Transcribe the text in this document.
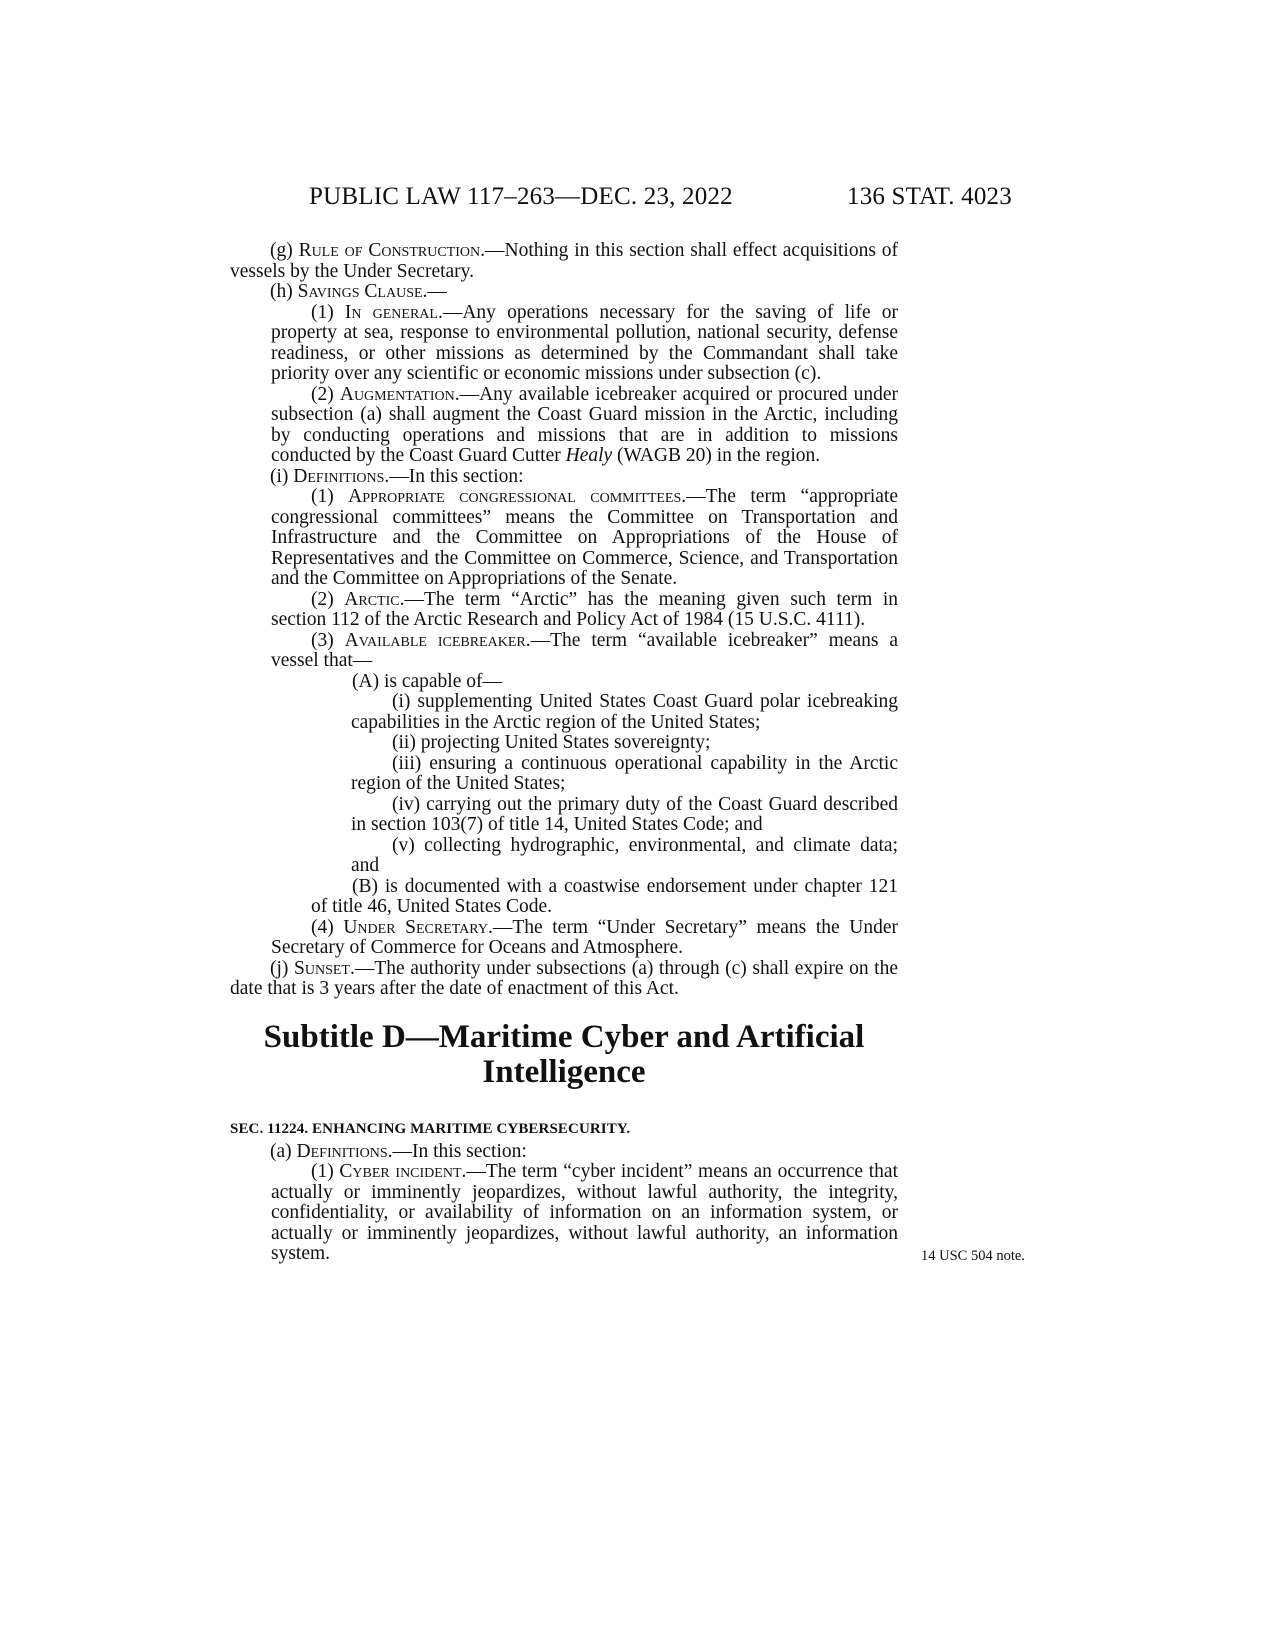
PUBLIC LAW 117–263—DEC. 23, 2022	136 STAT. 4023

(g) Rule of Construction.—Nothing in this section shall effect acquisitions of vessels by the Under Secretary.

(h) Savings Clause.—

(1) In general.—Any operations necessary for the saving of life or property at sea, response to environmental pollution, national security, defense readiness, or other missions as determined by the Commandant shall take priority over any scientific or economic missions under subsection (c).

(2) Augmentation.—Any available icebreaker acquired or procured under subsection (a) shall augment the Coast Guard mission in the Arctic, including by conducting operations and missions that are in addition to missions conducted by the Coast Guard Cutter Healy (WAGB 20) in the region.

(i) Definitions.—In this section:

(1) Appropriate congressional committees.—The term “appropriate congressional committees” means the Committee on Transportation and Infrastructure and the Committee on Appropriations of the House of Representatives and the Committee on Commerce, Science, and Transportation and the Committee on Appropriations of the Senate.

(2) Arctic.—The term “Arctic” has the meaning given such term in section 112 of the Arctic Research and Policy Act of 1984 (15 U.S.C. 4111).

(3) Available icebreaker.—The term “available icebreaker” means a vessel that—

(A) is capable of—

(i) supplementing United States Coast Guard polar icebreaking capabilities in the Arctic region of the United States;

(ii) projecting United States sovereignty;

(iii) ensuring a continuous operational capability in the Arctic region of the United States;

(iv) carrying out the primary duty of the Coast Guard described in section 103(7) of title 14, United States Code; and

(v) collecting hydrographic, environmental, and climate data; and

(B) is documented with a coastwise endorsement under chapter 121 of title 46, United States Code.

(4) Under Secretary.—The term “Under Secretary” means the Under Secretary of Commerce for Oceans and Atmosphere.

(j) Sunset.—The authority under subsections (a) through (c) shall expire on the date that is 3 years after the date of enactment of this Act.

Subtitle D—Maritime Cyber and Artificial Intelligence
SEC. 11224. ENHANCING MARITIME CYBERSECURITY.

(a) Definitions.—In this section:

(1) Cyber incident.—The term “cyber incident” means an occurrence that actually or imminently jeopardizes, without lawful authority, the integrity, confidentiality, or availability of information on an information system, or actually or imminently jeopardizes, without lawful authority, an information system.	14 USC 504 note.
